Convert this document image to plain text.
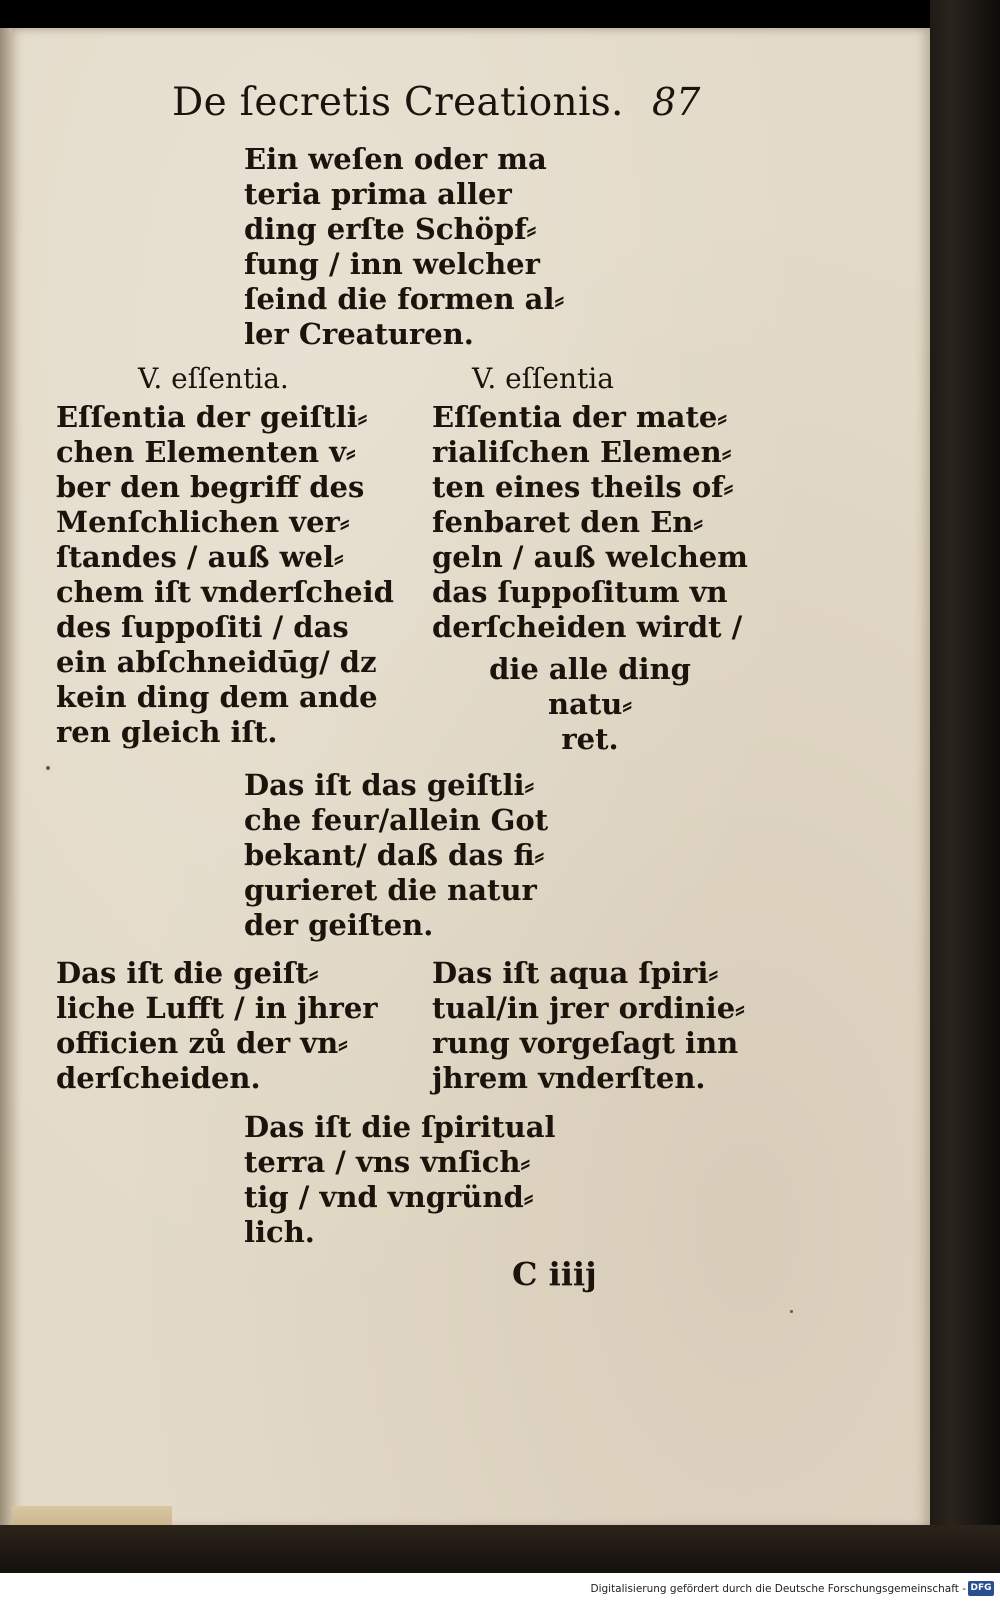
De ſecretis Creationis. 87
Ein weſen oder ma
teria prima aller
ding erſte Schöpf⸗
fung / inn welcher
ſeind die formen al⸗
ler Creaturen.
V. eſſentia.	V. eſſentia
Eſſentia der geiſtli⸗
chen Elementen v⸗
ber den begriff des
Menſchlichen ver⸗
ſtandes / auß wel⸗
chem iſt vnderſcheid
des ſuppoſiti / das
ein abſchneidūg/ dz
kein ding dem ande
ren gleich iſt.
Eſſentia der mate⸗
rialiſchen Elemen⸗
ten eines theils of⸗
fenbaret den En⸗
geln / auß welchem
das ſuppoſitum vn
derſcheiden wirdt /
die alle ding
natu⸗
ret.
Das iſt das geiſtli⸗
che feur/allein Got
bekant/ daß das fi⸗
gurieret die natur
der geiſten.
Das iſt die geiſt⸗
liche Lufft / in jhrer
officien zů der vn⸗
derſcheiden.
Das iſt aqua ſpiri⸗
tual/in jrer ordinie⸗
rung vorgeſagt inn
jhrem vnderſten.
Das iſt die ſpiritual
terra / vns vnſich⸗
tig / vnd vngründ⸗
lich.
C iiij
Digitalisierung gefördert durch die Deutsche Forschungsgemeinschaft - DFG
